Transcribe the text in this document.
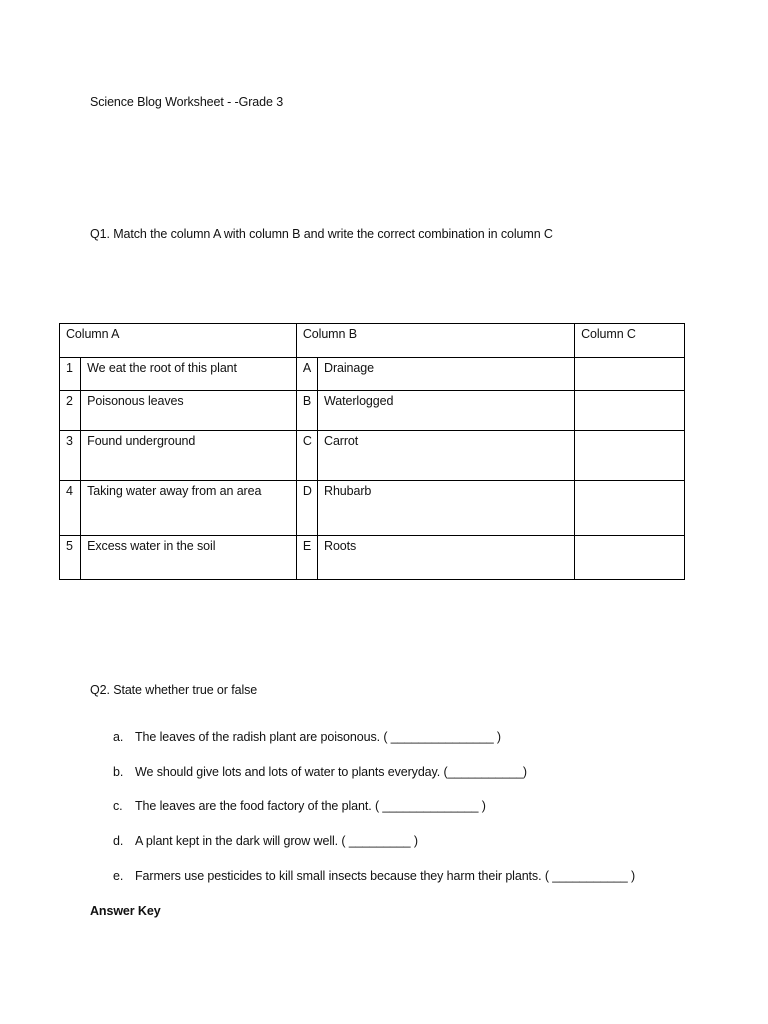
Science Blog Worksheet - -Grade 3
Q1. Match the column A with column B and write the correct combination in column C
Column A		Column B		Column C

1	We eat the root of this plant	A	Drainage	

2	Poisonous leaves	B	Waterlogged	

3	Found underground	C	Carrot	

4	Taking water away from an area	D	Rhubarb	

5	Excess water in the soil	E	Roots	

Q2. State whether true or false
a. The leaves of the radish plant are poisonous. ( _______________ )
b. We should give lots and lots of water to plants everyday. (___________)
c. The leaves are the food factory of the plant. ( ______________ )
d. A plant kept in the dark will grow well. ( _________ )
e. Farmers use pesticides to kill small insects because they harm their plants. ( ___________ )
Answer Key
